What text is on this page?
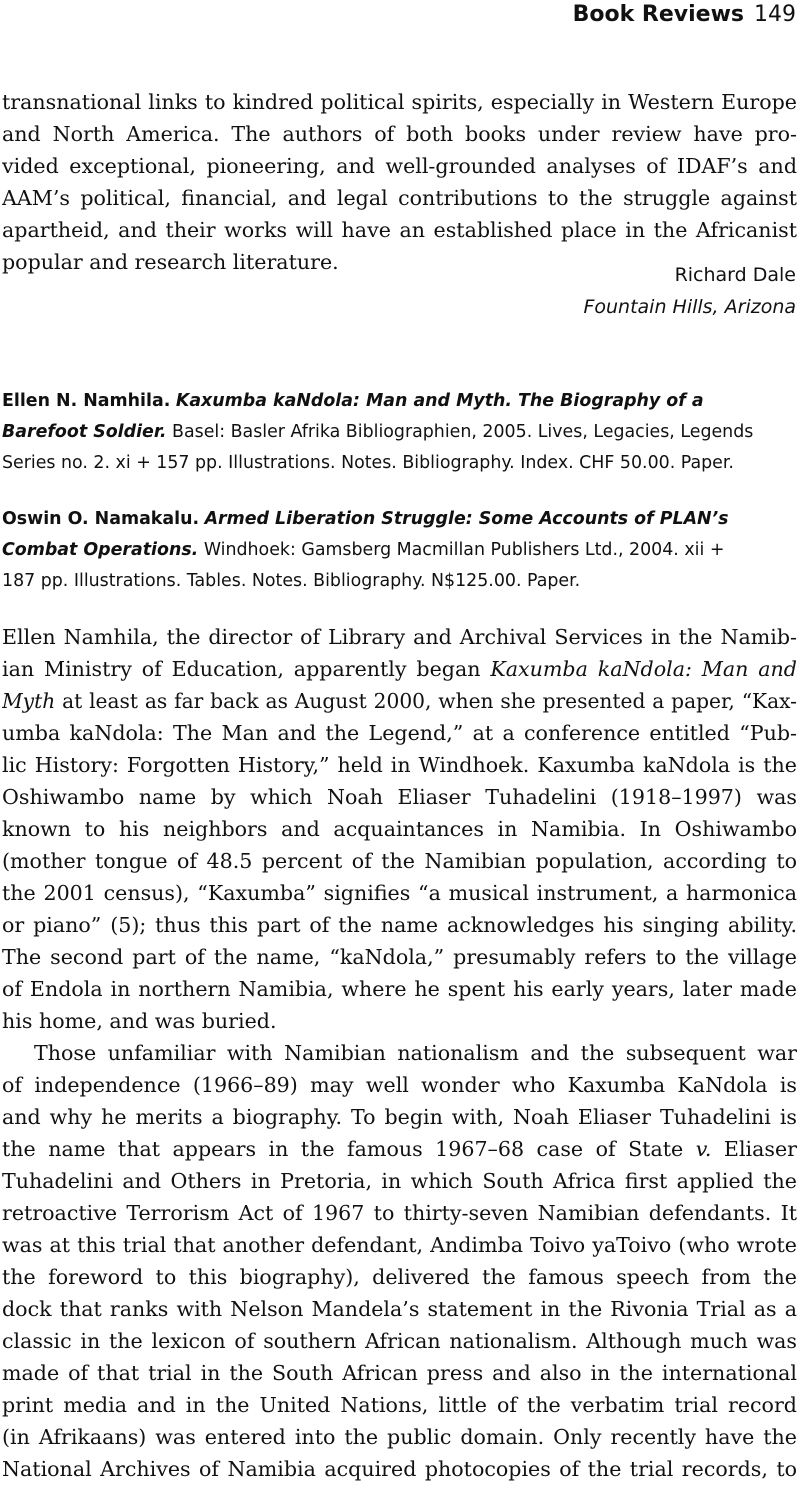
Book Reviews 149
transnational links to kindred political spirits, especially in Western Europe
and North America. The authors of both books under review have pro-
vided exceptional, pioneering, and well-grounded analyses of IDAF’s and
AAM’s political, financial, and legal contributions to the struggle against
apartheid, and their works will have an established place in the Africanist
popular and research literature.
Richard Dale
Fountain Hills, Arizona
Ellen N. Namhila. Kaxumba kaNdola: Man and Myth. The Biography of a
Barefoot Soldier. Basel: Basler Afrika Bibliographien, 2005. Lives, Legacies, Legends
Series no. 2. xi + 157 pp. Illustrations. Notes. Bibliography. Index. CHF 50.00. Paper.
Oswin O. Namakalu. Armed Liberation Struggle: Some Accounts of PLAN’s
Combat Operations. Windhoek: Gamsberg Macmillan Publishers Ltd., 2004. xii +
187 pp. Illustrations. Tables. Notes. Bibliography. N$125.00. Paper.
Ellen Namhila, the director of Library and Archival Services in the Namib-
ian Ministry of Education, apparently began Kaxumba kaNdola: Man and
Myth at least as far back as August 2000, when she presented a paper, “Kax-
umba kaNdola: The Man and the Legend,” at a conference entitled “Pub-
lic History: Forgotten History,” held in Windhoek. Kaxumba kaNdola is the
Oshiwambo name by which Noah Eliaser Tuhadelini (1918–1997) was
known to his neighbors and acquaintances in Namibia. In Oshiwambo
(mother tongue of 48.5 percent of the Namibian population, according to
the 2001 census), “Kaxumba” signifies “a musical instrument, a harmonica
or piano” (5); thus this part of the name acknowledges his singing ability.
The second part of the name, “kaNdola,” presumably refers to the village
of Endola in northern Namibia, where he spent his early years, later made
his home, and was buried.
Those unfamiliar with Namibian nationalism and the subsequent war
of independence (1966–89) may well wonder who Kaxumba KaNdola is
and why he merits a biography. To begin with, Noah Eliaser Tuhadelini is
the name that appears in the famous 1967–68 case of State v. Eliaser
Tuhadelini and Others in Pretoria, in which South Africa first applied the
retroactive Terrorism Act of 1967 to thirty-seven Namibian defendants. It
was at this trial that another defendant, Andimba Toivo yaToivo (who wrote
the foreword to this biography), delivered the famous speech from the
dock that ranks with Nelson Mandela’s statement in the Rivonia Trial as a
classic in the lexicon of southern African nationalism. Although much was
made of that trial in the South African press and also in the international
print media and in the United Nations, little of the verbatim trial record
(in Afrikaans) was entered into the public domain. Only recently have the
National Archives of Namibia acquired photocopies of the trial records, to
